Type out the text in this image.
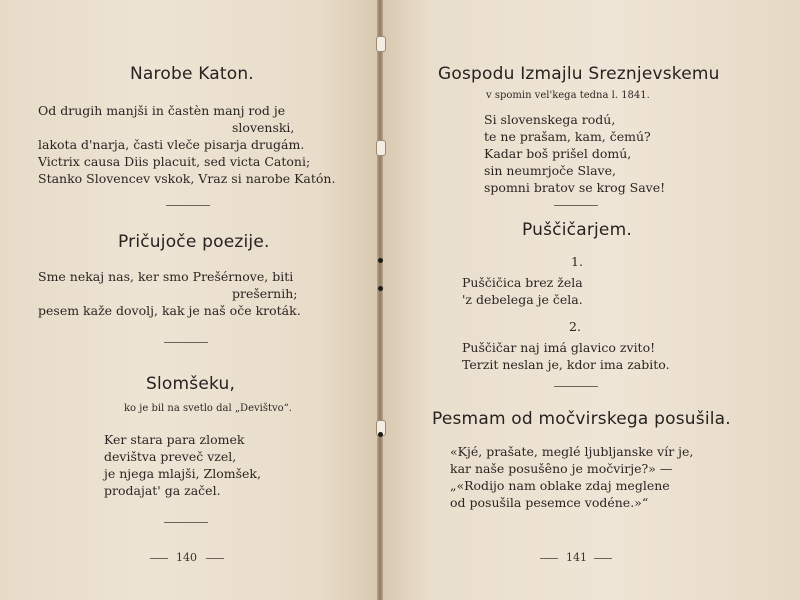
Narobe Katon.
Od drugih manjši in častèn manj rod je
slovenski,
lakota d'narja, časti vleče pisarja drugám.
Victrix causa Diis placuit, sed victa Catoni;
Stanko Slovencev vskok, Vraz si narobe Katón.
Pričujoče poezije.
Sme nekaj nas, ker smo Prešérnove, biti
prešernih;
pesem kaže dovolj, kak je naš oče kroták.
Slomšeku,
ko je bil na svetlo dal „Devištvo“.
Ker stara para zlomek
devištva preveč vzel,
je njega mlajši, Zlomšek,
prodajat' ga začel.
140
Gospodu Izmajlu Sreznjevskemu
v spomin vel'kega tedna l. 1841.
Si slovenskega rodú,
te ne prašam, kam, čemú?
Kadar boš prišel domú,
sin neumrjoče Slave,
spomni bratov se krog Save!
Puščičarjem.
1.
Puščičica brez žela
'z debelega je čela.
2.
Puščičar naj imá glavico zvito!
Terzit neslan je, kdor ima zabito.
Pesmam od močvirskega posušila.
«Kjé, prašate, meglé ljubljanske vír je,
kar naše posušêno je močvirje?» —
„«Rodijo nam oblake zdaj meglene
od posušila pesemce vodéne.»“
141
